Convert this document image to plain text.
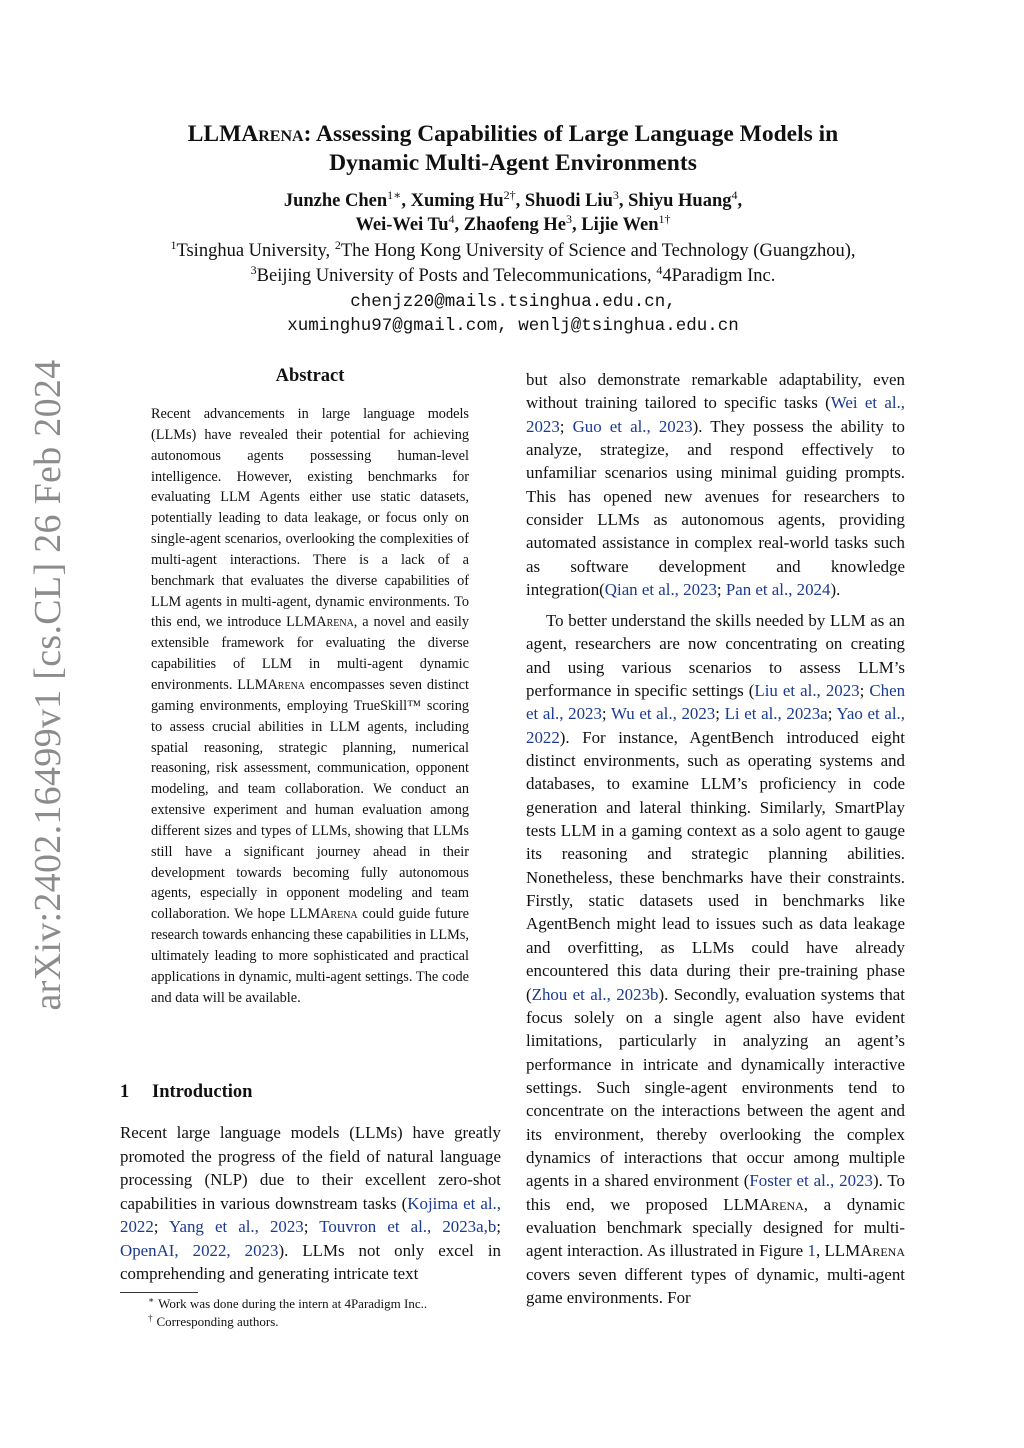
arXiv:2402.16499v1 [cs.CL] 26 Feb 2024
LLMArena: Assessing Capabilities of Large Language Models in
Dynamic Multi-Agent Environments
Junzhe Chen$^{1∗}$, Xuming $Hu^{2\dagger}$, Shuodi Liu$^3$, Shiyu Huang$^4$,
Wei-Wei Tu$^4$, Zhaofeng He$^3$, Lijie Wen$^{1\dagger}$
$^1$Tsinghua University, $^2$The Hong Kong University of Science and Technology (Guangzhou),
$^3$Beijing University of Posts and Telecommunications, $^4$4Paradigm Inc.
chenjz20@mails.tsinghua.edu.cn,
xuminghu97@gmail.com, wenlj@tsinghua.edu.cn
Abstract

Recent advancements in large language models (LLMs) have revealed their potential for achieving autonomous agents possessing human-level intelligence. However, existing benchmarks for evaluating LLM Agents either use static datasets, potentially leading to data leakage, or focus only on single-agent scenarios, overlooking the complexities of multi-agent interactions. There is a lack of a benchmark that evaluates the diverse capabilities of LLM agents in multi-agent, dynamic environments. To this end, we introduce LLMArena, a novel and easily extensible framework for evaluating the diverse capabilities of LLM in multi-agent dynamic environments. LLMArena encompasses seven distinct gaming environments, employing TrueSkill™ scoring to assess crucial abilities in LLM agents, including spatial reasoning, strategic planning, numerical reasoning, risk assessment, communication, opponent modeling, and team collaboration. We conduct an extensive experiment and human evaluation among different sizes and types of LLMs, showing that LLMs still have a significant journey ahead in their development towards becoming fully autonomous agents, especially in opponent modeling and team collaboration. We hope LLMArena could guide future research towards enhancing these capabilities in LLMs, ultimately leading to more sophisticated and practical applications in dynamic, multi-agent settings. The code and data will be available.

1 Introduction

Recent large language models (LLMs) have greatly promoted the progress of the field of natural language processing (NLP) due to their excellent zero-shot capabilities in various downstream tasks (Kojima et al., 2022; Yang et al., 2023; Touvron et al., 2023a,b; OpenAI, 2022, 2023). LLMs not only excel in comprehending and generating intricate text

∗ Work was done during the intern at 4Paradigm Inc..

† Corresponding authors.

but also demonstrate remarkable adaptability, even without training tailored to specific tasks (Wei et al., 2023; Guo et al., 2023). They possess the ability to analyze, strategize, and respond effectively to unfamiliar scenarios using minimal guiding prompts. This has opened new avenues for researchers to consider LLMs as autonomous agents, providing automated assistance in complex real-world tasks such as software development and knowledge integration(Qian et al., 2023; Pan et al., 2024).

To better understand the skills needed by LLM as an agent, researchers are now concentrating on creating and using various scenarios to assess LLM’s performance in specific settings (Liu et al., 2023; Chen et al., 2023; Wu et al., 2023; Li et al., 2023a; Yao et al., 2022). For instance, AgentBench introduced eight distinct environments, such as operating systems and databases, to examine LLM’s proficiency in code generation and lateral thinking. Similarly, SmartPlay tests LLM in a gaming context as a solo agent to gauge its reasoning and strategic planning abilities. Nonetheless, these benchmarks have their constraints. Firstly, static datasets used in benchmarks like AgentBench might lead to issues such as data leakage and overfitting, as LLMs could have already encountered this data during their pre-training phase (Zhou et al., 2023b). Secondly, evaluation systems that focus solely on a single agent also have evident limitations, particularly in analyzing an agent’s performance in intricate and dynamically interactive settings. Such single-agent environments tend to concentrate on the interactions between the agent and its environment, thereby overlooking the complex dynamics of interactions that occur among multiple agents in a shared environment (Foster et al., 2023). To this end, we proposed LLMArena, a dynamic evaluation benchmark specially designed for multi-agent interaction. As illustrated in Figure 1, LLMArena covers seven different types of dynamic, multi-agent game environments. For
